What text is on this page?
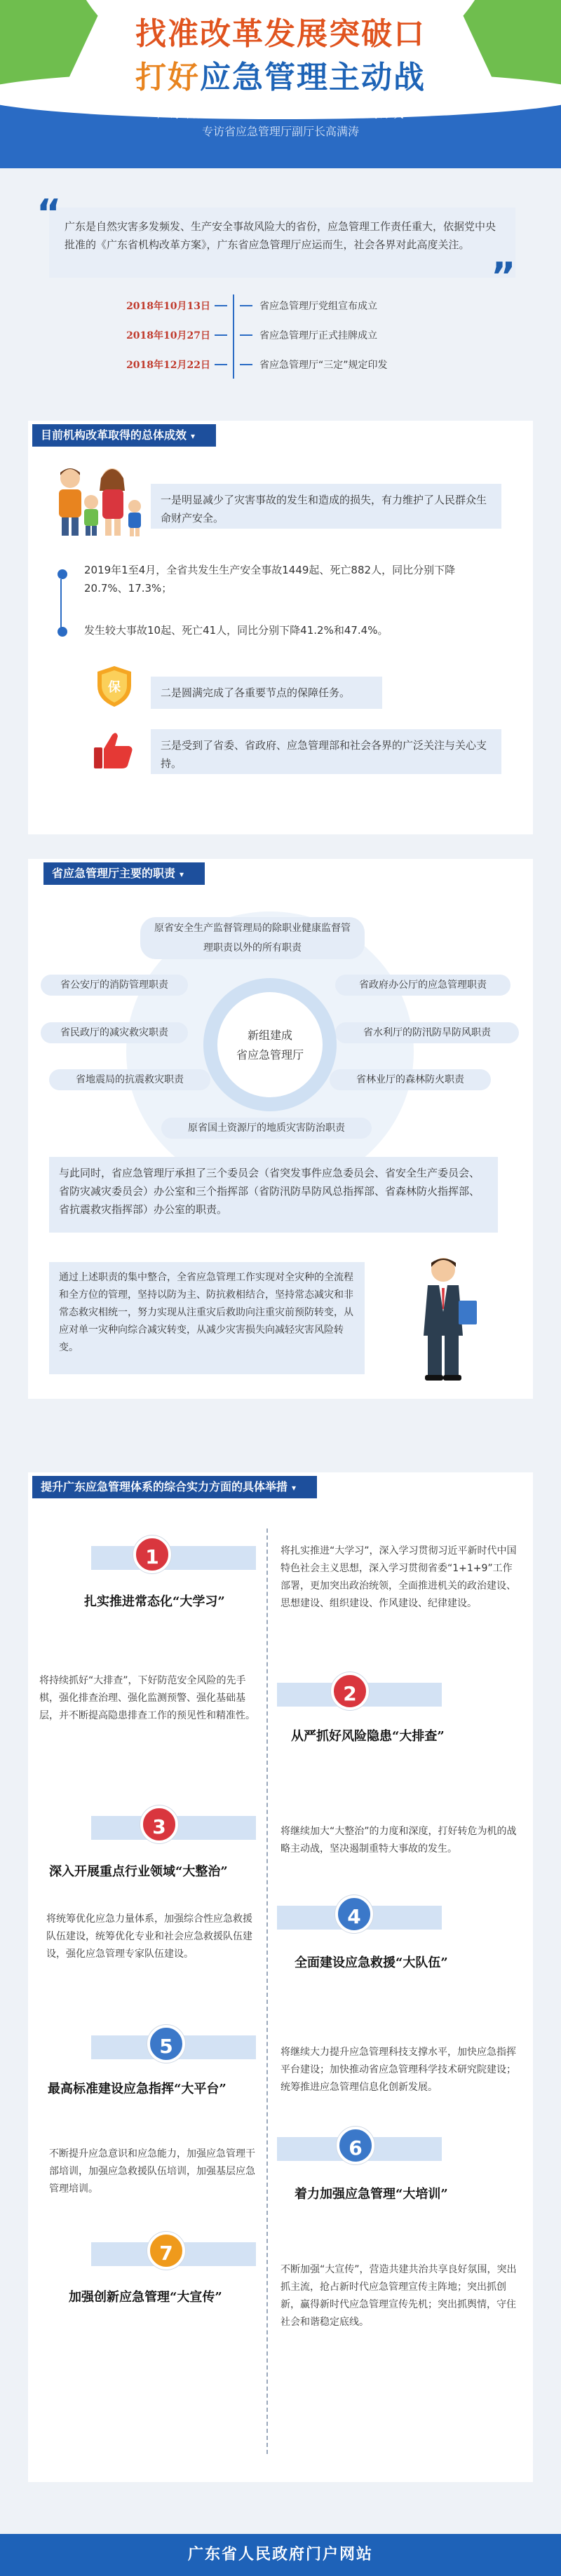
找准改革发展突破口
打好应急管理主动战
广东省人民政府门户网站 · 2019在线访谈
专访省应急管理厅副厅长高满涛
广东是自然灾害多发频发、生产安全事故风险大的省份，应急管理工作责任重大，依据党中央批准的《广东省机构改革方案》，广东省应急管理厅应运而生，社会各界对此高度关注。
“
”
2018年10月13日	省应急管理厅党组宣布成立
2018年10月27日	省应急管理厅正式挂牌成立
2018年12月22日	省应急管理厅“三定”规定印发
目前机构改革取得的总体成效 ▾
一是明显减少了灾害事故的发生和造成的损失，有力维护了人民群众生命财产安全。
2019年1至4月，全省共发生生产安全事故1449起、死亡882人，同比分别下降20.7%、17.3%；
发生较大事故10起、死亡41人，同比分别下降41.2%和47.4%。
保	二是圆满完成了各重要节点的保障任务。
三是受到了省委、省政府、应急管理部和社会各界的广泛关注与关心支持。
省应急管理厅主要的职责 ▾
原省安全生产监督管理局的除职业健康监督管理职责以外的所有职责
省公安厅的消防管理职责	省政府办公厅的应急管理职责
省民政厅的减灾救灾职责	省水利厅的防汛防旱防风职责
省地震局的抗震救灾职责	省林业厅的森林防火职责
新组建成
省应急管理厅
原省国土资源厅的地质灾害防治职责
与此同时，省应急管理厅承担了三个委员会（省突发事件应急委员会、省安全生产委员会、省防灾减灾委员会）办公室和三个指挥部（省防汛防旱防风总指挥部、省森林防火指挥部、省抗震救灾指挥部）办公室的职责。
通过上述职责的集中整合，全省应急管理工作实现对全灾种的全流程和全方位的管理，坚持以防为主、防抗救相结合，坚持常态减灾和非常态救灾相统一，努力实现从注重灾后救助向注重灾前预防转变，从应对单一灾种向综合减灾转变，从减少灾害损失向减轻灾害风险转变。
提升广东应急管理体系的综合实力方面的具体举措 ▾
1
扎实推进常态化“大学习”
将扎实推进“大学习”，深入学习贯彻习近平新时代中国特色社会主义思想，深入学习贯彻省委“1+1+9”工作部署，更加突出政治统领，全面推进机关的政治建设、思想建设、组织建设、作风建设、纪律建设。
2
从严抓好风险隐患“大排查”
将持续抓好“大排查”，下好防范安全风险的先手棋，强化排查治理、强化监测预警、强化基础基层，并不断提高隐患排查工作的预见性和精准性。
3
深入开展重点行业领域“大整治”
将继续加大“大整治”的力度和深度，打好转危为机的战略主动战，坚决遏制重特大事故的发生。
4
全面建设应急救援“大队伍”
将统筹优化应急力量体系，加强综合性应急救援队伍建设，统筹优化专业和社会应急救援队伍建设，强化应急管理专家队伍建设。
5
最高标准建设应急指挥“大平台”
将继续大力提升应急管理科技支撑水平，加快应急指挥平台建设；加快推动省应急管理科学技术研究院建设；统筹推进应急管理信息化创新发展。
6
着力加强应急管理“大培训”
不断提升应急意识和应急能力，加强应急管理干部培训，加强应急救援队伍培训，加强基层应急管理培训。
7
加强创新应急管理“大宣传”
不断加强“大宣传”，营造共建共治共享良好氛围，突出抓主流，抢占新时代应急管理宣传主阵地；突出抓创新，赢得新时代应急管理宣传先机；突出抓舆情，守住社会和谐稳定底线。
广东省人民政府门户网站
